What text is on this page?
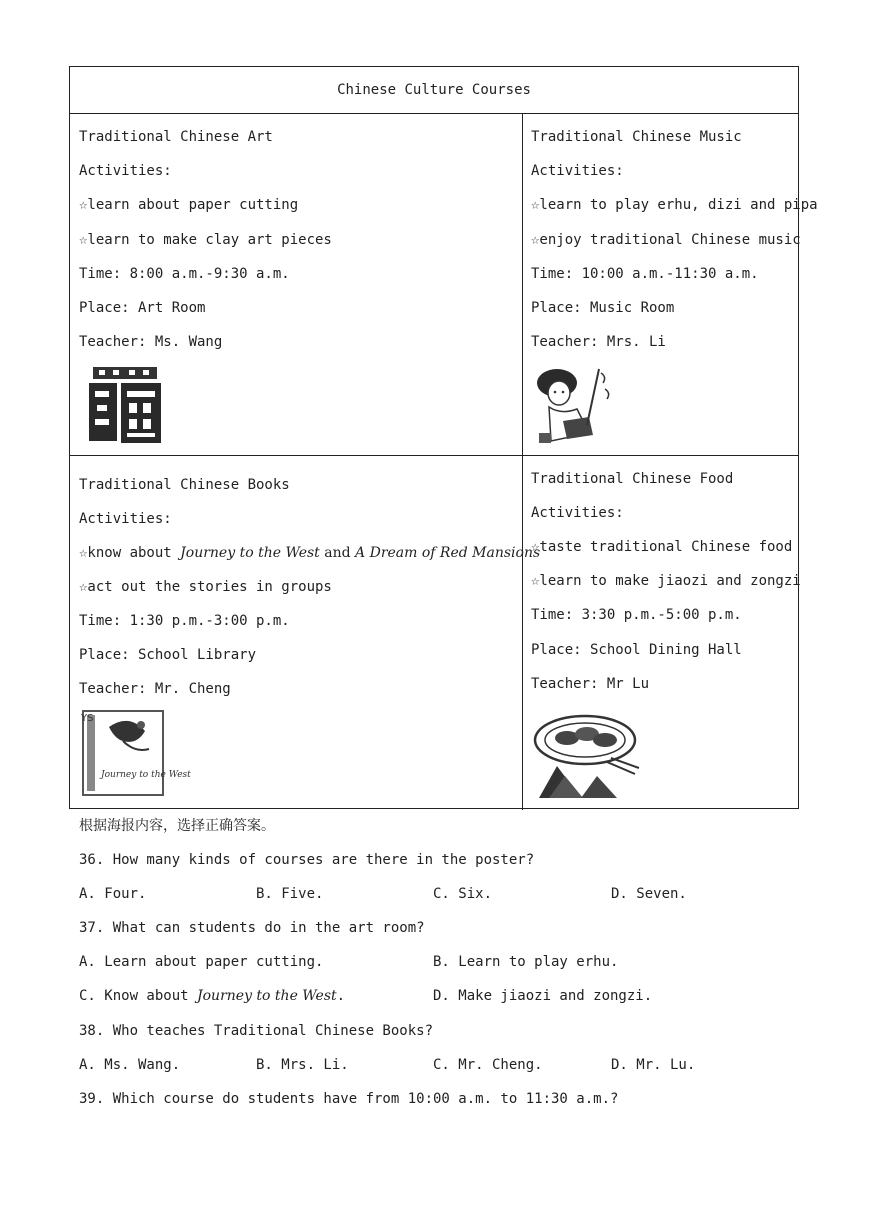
Chinese Culture Courses
Traditional Chinese Art
Activities:
☆learn about paper cutting
☆learn to make clay art pieces
Time: 8:00 a.m.-9:30 a.m.
Place: Art Room
Teacher: Ms. Wang
Traditional Chinese Music
Activities:
☆learn to play erhu, dizi and pipa
☆enjoy traditional Chinese music
Time: 10:00 a.m.-11:30 a.m.
Place: Music Room
Teacher: Mrs. Li
Traditional Chinese Books
Activities:
☆know about Journey to the West and A Dream of Red Mansions
☆act out the stories in groups
Time: 1:30 p.m.-3:00 p.m.
Place: School Library
Teacher: Mr. Cheng
YS
Journey to the West
Traditional Chinese Food
Activities:
☆taste traditional Chinese food
☆learn to make jiaozi and zongzi
Time: 3:30 p.m.-5:00 p.m.
Place: School Dining Hall
Teacher: Mr Lu
根据海报内容，选择正确答案。
36. How many kinds of courses are there in the poster?
A. Four.	B. Five.	C. Six.	D. Seven.
37. What can students do in the art room?
A. Learn about paper cutting.	B. Learn to play erhu.
C. Know about Journey to the West.	D. Make jiaozi and zongzi.
38. Who teaches Traditional Chinese Books?
A. Ms. Wang.	B. Mrs. Li.	C. Mr. Cheng.	D. Mr. Lu.
39. Which course do students have from 10:00 a.m. to 11:30 a.m.?
